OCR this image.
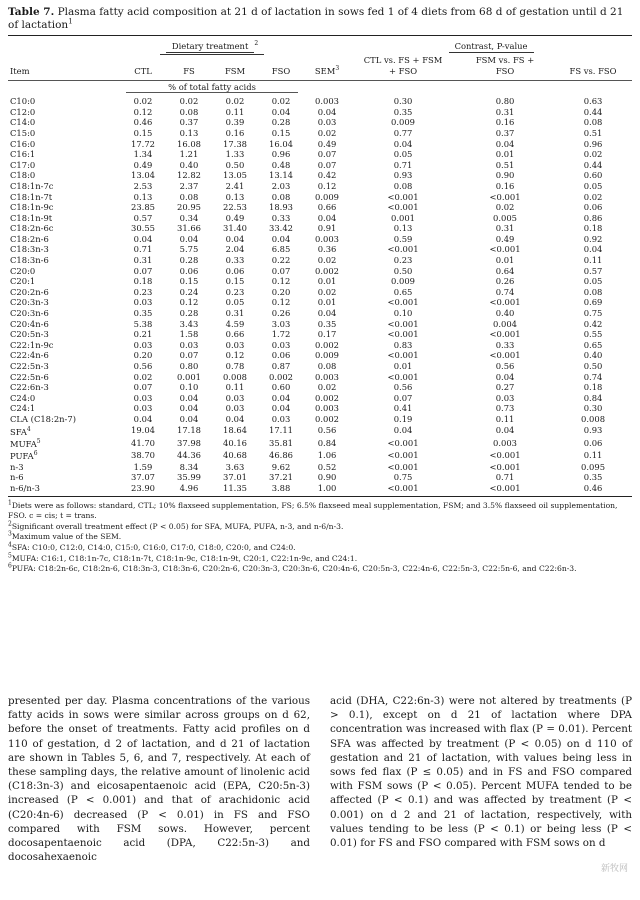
Table 7. Plasma fatty acid composition at 21 d of lactation in sows fed 1 of 4 diets from 68 d of gestation until d 21 of lactation$^1$
	Dietary treatment $^2$					Contrast, P-value		
Item	CTL	FS	FSM	FSO	SEM$^3$	CTL vs. FS + FSM + FSO	FSM vs. FS + FSO	FS vs. FSO

	% of total fatty acids							

C10:0	0.02	0.02	0.02	0.02	0.003	0.30	0.80	0.63
C12:0	0.12	0.08	0.11	0.04	0.04	0.35	0.31	0.44
C14:0	0.46	0.37	0.39	0.28	0.03	0.009	0.16	0.08
C15:0	0.15	0.13	0.16	0.15	0.02	0.77	0.37	0.51
C16:0	17.72	16.08	17.38	16.04	0.49	0.04	0.04	0.96
C16:1	1.34	1.21	1.33	0.96	0.07	0.05	0.01	0.02
C17:0	0.49	0.40	0.50	0.48	0.07	0.71	0.51	0.44
C18:0	13.04	12.82	13.05	13.14	0.42	0.93	0.90	0.60
C18:1n-7c	2.53	2.37	2.41	2.03	0.12	0.08	0.16	0.05
C18:1n-7t	0.13	0.08	0.13	0.08	0.009	<0.001	<0.001	0.02
C18:1n-9c	23.85	20.95	22.53	18.93	0.66	<0.001	0.02	0.06
C18:1n-9t	0.57	0.34	0.49	0.33	0.04	0.001	0.005	0.86
C18:2n-6c	30.55	31.66	31.40	33.42	0.91	0.13	0.31	0.18
C18:2n-6	0.04	0.04	0.04	0.04	0.003	0.59	0.49	0.92
C18:3n-3	0.71	5.75	2.04	6.85	0.36	<0.001	<0.001	0.04
C18:3n-6	0.31	0.28	0.33	0.22	0.02	0.23	0.01	0.11
C20:0	0.07	0.06	0.06	0.07	0.002	0.50	0.64	0.57
C20:1	0.18	0.15	0.15	0.12	0.01	0.009	0.26	0.05
C20:2n-6	0.23	0.24	0.23	0.20	0.02	0.65	0.74	0.08
C20:3n-3	0.03	0.12	0.05	0.12	0.01	<0.001	<0.001	0.69
C20:3n-6	0.35	0.28	0.31	0.26	0.04	0.10	0.40	0.75
C20:4n-6	5.38	3.43	4.59	3.03	0.35	<0.001	0.004	0.42
C20:5n-3	0.21	1.58	0.66	1.72	0.17	<0.001	<0.001	0.55
C22:1n-9c	0.03	0.03	0.03	0.03	0.002	0.83	0.33	0.65
C22:4n-6	0.20	0.07	0.12	0.06	0.009	<0.001	<0.001	0.40
C22:5n-3	0.56	0.80	0.78	0.87	0.08	0.01	0.56	0.50
C22:5n-6	0.02	0.001	0.008	0.002	0.003	<0.001	0.04	0.74
C22:6n-3	0.07	0.10	0.11	0.60	0.02	0.56	0.27	0.18
C24:0	0.03	0.04	0.03	0.04	0.002	0.07	0.03	0.84
C24:1	0.03	0.04	0.03	0.04	0.003	0.41	0.73	0.30
CLA (C18:2n-7)	0.04	0.04	0.04	0.03	0.002	0.19	0.11	0.008
SFA$^4$	19.04	17.18	18.64	17.11	0.56	0.04	0.04	0.93
MUFA$^5$	41.70	37.98	40.16	35.81	0.84	<0.001	0.003	0.06
PUFA$^6$	38.70	44.36	40.68	46.86	1.06	<0.001	<0.001	0.11
n-3	1.59	8.34	3.63	9.62	0.52	<0.001	<0.001	0.095
n-6	37.07	35.99	37.01	37.21	0.90	0.75	0.71	0.35
n-6/n-3	23.90	4.96	11.35	3.88	1.00	<0.001	<0.001	0.46

$^1$Diets were as follows: standard, CTL; 10% flaxseed supplementation, FS; 6.5% flaxseed meal supplementation, FSM; and 3.5% flaxseed oil supplementation, FSO. c = cis; t = trans.

$^2$Significant overall treatment effect (P < 0.05) for SFA, MUFA, PUFA, n-3, and n-6/n-3.

$^3$Maximum value of the SEM.

$^4$SFA: C10:0, C12:0, C14:0, C15:0, C16:0, C17:0, C18:0, C20:0, and C24:0.

$^5$MUFA: C16:1, C18:1n-7c, C18:1n-7t, C18:1n-9c, C18:1n-9t, C20:1, C22:1n-9c, and C24:1.

$^6$PUFA: C18:2n-6c, C18:2n-6, C18:3n-3, C18:3n-6, C20:2n-6, C20:3n-3, C20:3n-6, C20:4n-6, C20:5n-3, C22:4n-6, C22:5n-3, C22:5n-6, and C22:6n-3.

presented per day. Plasma concentrations of the various fatty acids in sows were similar across groups on d 62, before the onset of treatments. Fatty acid profiles on d 110 of gestation, d 2 of lactation, and d 21 of lactation are shown in Tables 5, 6, and 7, respectively. At each of these sampling days, the relative amount of linolenic acid (C18:3n-3) and eicosapentaenoic acid (EPA, C20:5n-3) increased (P < 0.001) and that of arachidonic acid (C20:4n-6) decreased (P < 0.01) in FS and FSO compared with FSM sows. However, percent docosapentaenoic acid (DPA, C22:5n-3) and docosahexaenoic

acid (DHA, C22:6n-3) were not altered by treatments (P > 0.1), except on d 21 of lactation where DPA concentration was increased with flax (P = 0.01). Percent SFA was affected by treatment (P < 0.05) on d 110 of gestation and 21 of lactation, with values being less in sows fed flax (P ≤ 0.05) and in FS and FSO compared with FSM sows (P < 0.05). Percent MUFA tended to be affected (P < 0.1) and was affected by treatment (P < 0.001) on d 2 and 21 of lactation, respectively, with values tending to be less (P < 0.1) or being less (P < 0.01) for FS and FSO compared with FSM sows on d

新牧网
